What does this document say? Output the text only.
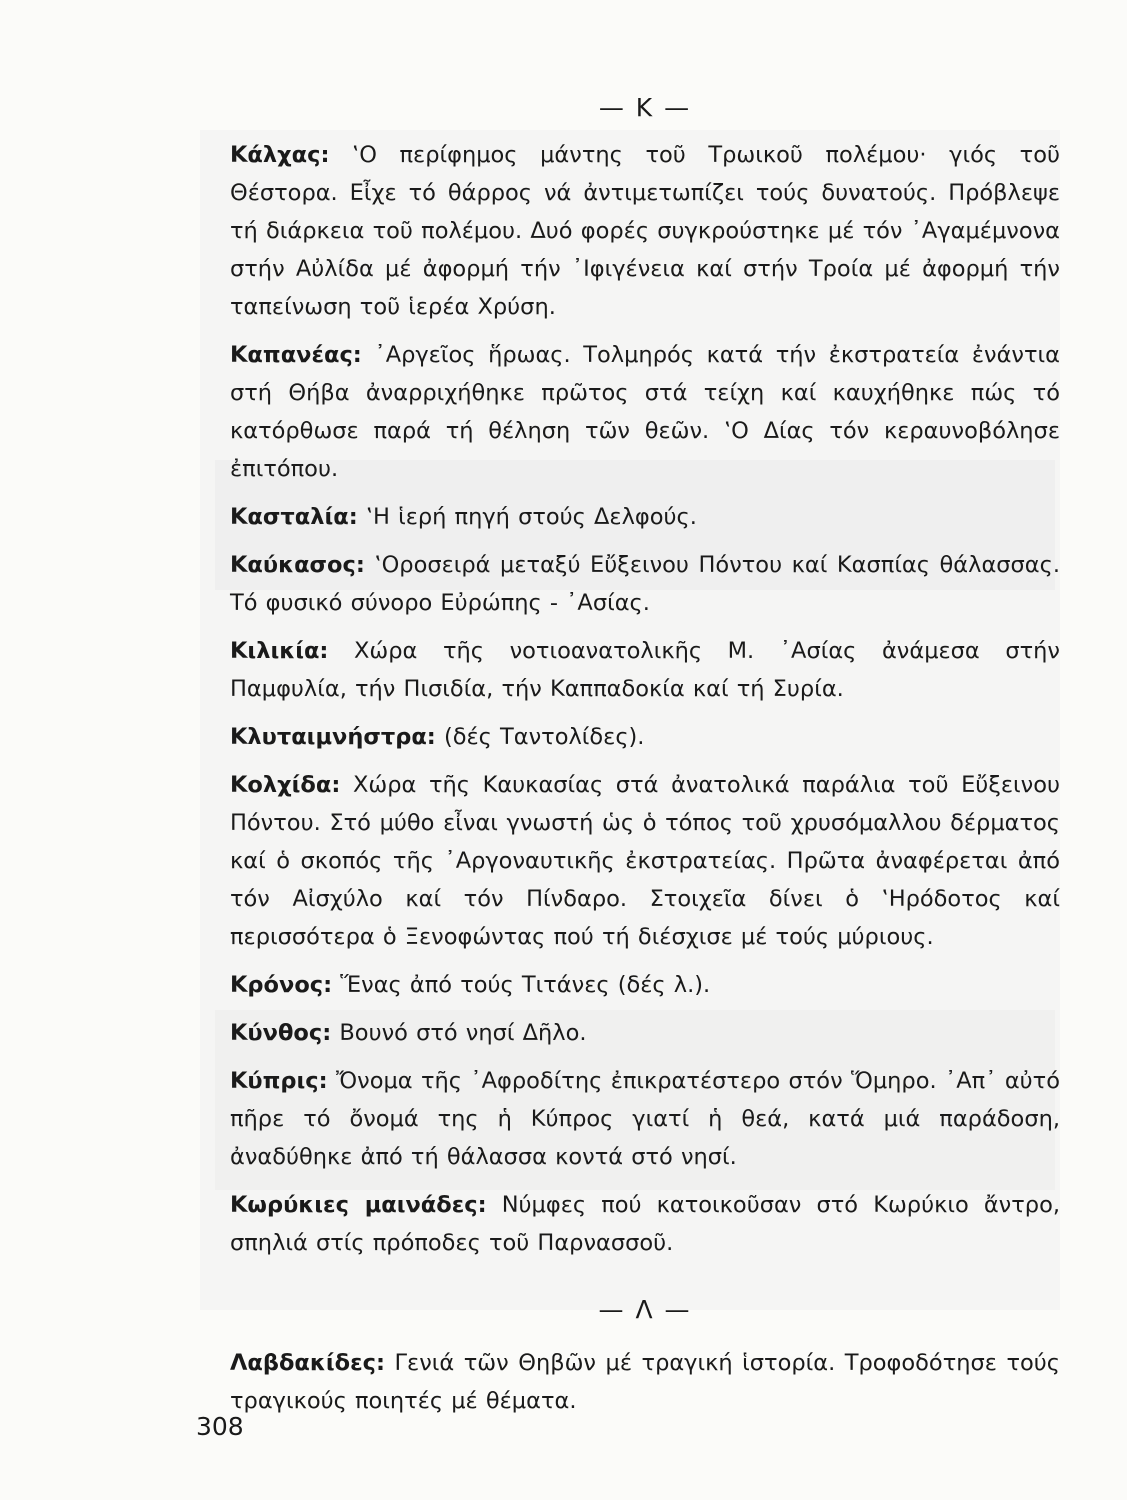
— Κ —

Κάλχας: ‛Ο περίφημος μάντης τοῦ Τρωικοῦ πολέμου· γιός τοῦ Θέστορα. Εἶχε τό θάρρος νά ἀντιμετωπίζει τούς δυνατούς. Πρόβλεψε τή διάρκεια τοῦ πολέμου. Δυό φορές συγκρούστηκε μέ τόν ᾿Αγαμέμνονα στήν Αὐλίδα μέ ἀφορμή τήν ᾿Ιφιγένεια καί στήν Τροία μέ ἀφορμή τήν ταπείνωση τοῦ ἱερέα Χρύση.

Καπανέας: ᾿Αργεῖος ἥρωας. Τολμηρός κατά τήν ἐκστρατεία ἐνάντια στή Θήβα ἀναρριχήθηκε πρῶτος στά τείχη καί καυχήθηκε πώς τό κατόρθωσε παρά τή θέληση τῶν θεῶν. ‛Ο Δίας τόν κεραυνοβόλησε ἐπιτόπου.

Κασταλία: ‛Η ἱερή πηγή στούς Δελφούς.

Καύκασος: ‛Οροσειρά μεταξύ Εὔξεινου Πόντου καί Κασπίας θάλασσας. Τό φυσικό σύνορο Εὐρώπης - ᾿Ασίας.

Κιλικία: Χώρα τῆς νοτιοανατολικῆς Μ. ᾿Ασίας ἀνάμεσα στήν Παμφυλία, τήν Πισιδία, τήν Καππαδοκία καί τή Συρία.

Κλυταιμνήστρα: (δές Ταντολίδες).

Κολχίδα: Χώρα τῆς Καυκασίας στά ἀνατολικά παράλια τοῦ Εὔξεινου Πόντου. Στό μύθο εἶναι γνωστή ὡς ὁ τόπος τοῦ χρυσόμαλλου δέρματος καί ὁ σκοπός τῆς ᾿Αργοναυτικῆς ἐκστρατείας. Πρῶτα ἀναφέρεται ἀπό τόν Αἰσχύλο καί τόν Πίνδαρο. Στοιχεῖα δίνει ὁ ‛Ηρόδοτος καί περισσότερα ὁ Ξενοφώντας πού τή διέσχισε μέ τούς μύριους.

Κρόνος: Ἕνας ἀπό τούς Τιτάνες (δές λ.).

Κύνθος: Βουνό στό νησί Δῆλο.

Κύπρις: Ὄνομα τῆς ᾿Αφροδίτης ἐπικρατέστερο στόν Ὅμηρο. ᾿Απ᾿ αὐτό πῆρε τό ὄνομά της ἡ Κύπρος γιατί ἡ θεά, κατά μιά παράδοση, ἀναδύθηκε ἀπό τή θάλασσα κοντά στό νησί.

Κωρύκιες μαινάδες: Νύμφες πού κατοικοῦσαν στό Κωρύκιο ἄντρο, σπηλιά στίς πρόποδες τοῦ Παρνασσοῦ.

— Λ —

Λαβδακίδες: Γενιά τῶν Θηβῶν μέ τραγική ἱστορία. Τροφοδότησε τούς τραγικούς ποιητές μέ θέματα.

308
